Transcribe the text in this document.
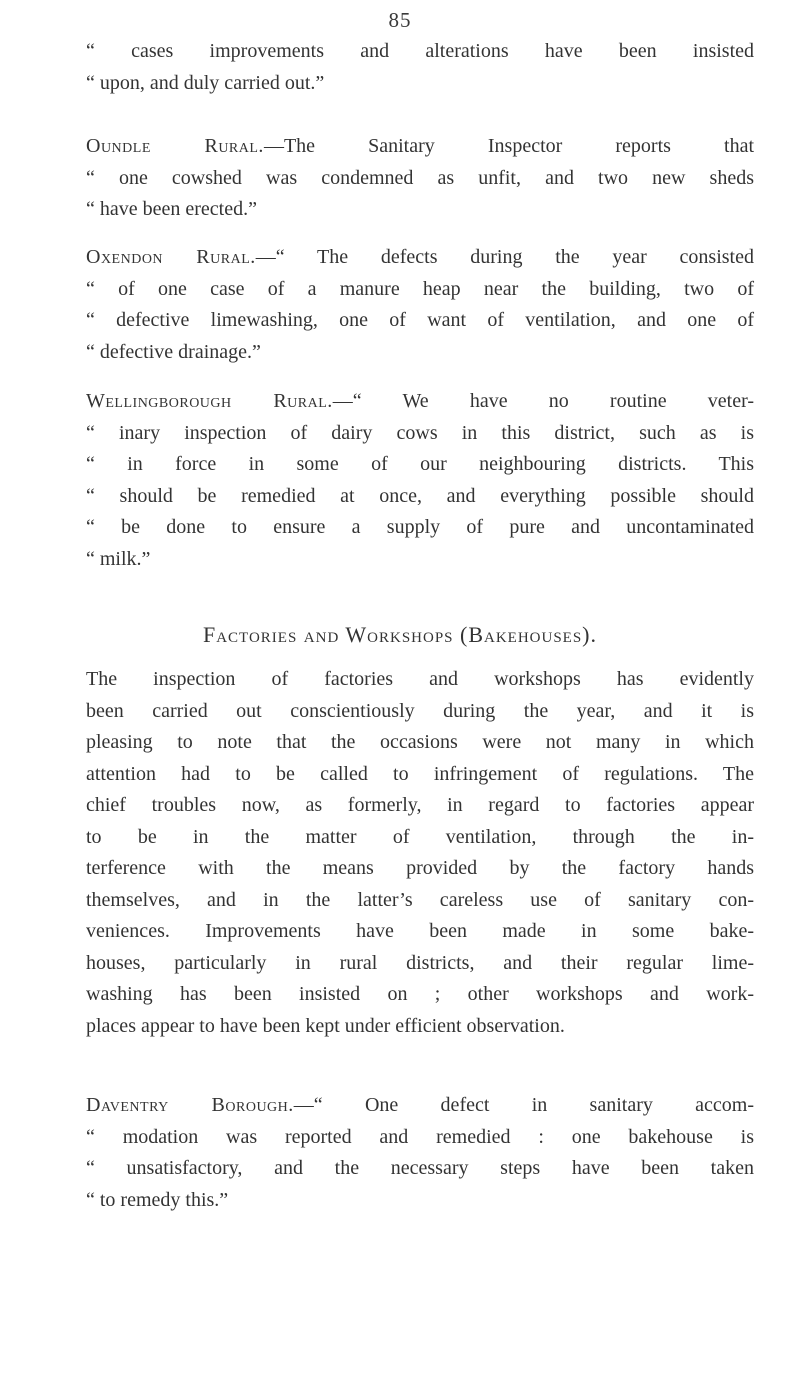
85
“ cases improvements and alterations have been insisted
“ upon, and duly carried out.”
Oundle Rural.—The Sanitary Inspector reports that
“ one cowshed was condemned as unfit, and two new sheds
“ have been erected.”
Oxendon Rural.—“ The defects during the year consisted
“ of one case of a manure heap near the building, two of
“ defective limewashing, one of want of ventilation, and one of
“ defective drainage.”
Wellingborough Rural.—“ We have no routine veter-
“ inary inspection of dairy cows in this district, such as is
“ in force in some of our neighbouring districts. This
“ should be remedied at once, and everything possible should
“ be done to ensure a supply of pure and uncontaminated
“ milk.”
Factories and Workshops (Bakehouses).
The inspection of factories and workshops has evidently
been carried out conscientiously during the year, and it is
pleasing to note that the occasions were not many in which
attention had to be called to infringement of regulations. The
chief troubles now, as formerly, in regard to factories appear
to be in the matter of ventilation, through the in-
terference with the means provided by the factory hands
themselves, and in the latter’s careless use of sanitary con-
veniences. Improvements have been made in some bake-
houses, particularly in rural districts, and their regular lime-
washing has been insisted on ; other workshops and work-
places appear to have been kept under efficient observation.
Daventry Borough.—“ One defect in sanitary accom-
“ modation was reported and remedied : one bakehouse is
“ unsatisfactory, and the necessary steps have been taken
“ to remedy this.”
